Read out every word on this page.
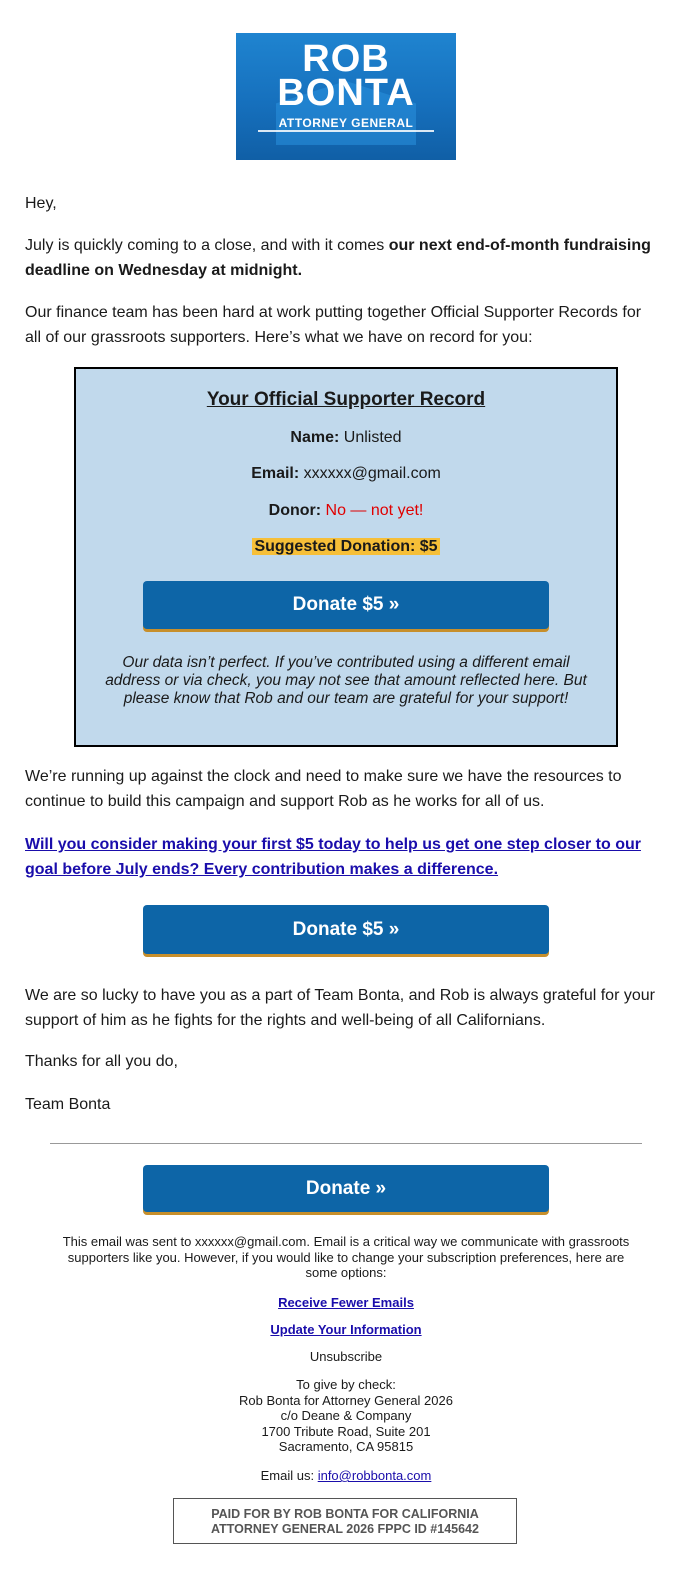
ROB
BONTA
ATTORNEY GENERAL
Hey,
July is quickly coming to a close, and with it comes our next end-of-month fundraising deadline on Wednesday at midnight.
Our finance team has been hard at work putting together Official Supporter Records for all of our grassroots supporters. Here’s what we have on record for you:
Your Official Supporter Record
Name: Unlisted
Email: xxxxxx@gmail.com
Donor: No — not yet!
Suggested Donation: $5
Donate $5 »
Our data isn’t perfect. If you’ve contributed using a different email address or via check, you may not see that amount reflected here. But please know that Rob and our team are grateful for your support!
We’re running up against the clock and need to make sure we have the resources to continue to build this campaign and support Rob as he works for all of us.
Will you consider making your first $5 today to help us get one step closer to our goal before July ends? Every contribution makes a difference.
Donate $5 »
We are so lucky to have you as a part of Team Bonta, and Rob is always grateful for your support of him as he fights for the rights and well-being of all Californians.
Thanks for all you do,
Team Bonta
Donate »
This email was sent to xxxxxx@gmail.com. Email is a critical way we communicate with grassroots supporters like you. However, if you would like to change your subscription preferences, here are some options:
Receive Fewer Emails
Update Your Information
Unsubscribe
To give by check:
Rob Bonta for Attorney General 2026
c/o Deane & Company
1700 Tribute Road, Suite 201
Sacramento, CA 95815
Email us: info@robbonta.com
PAID FOR BY ROB BONTA FOR CALIFORNIA
ATTORNEY GENERAL 2026 FPPC ID #145642
